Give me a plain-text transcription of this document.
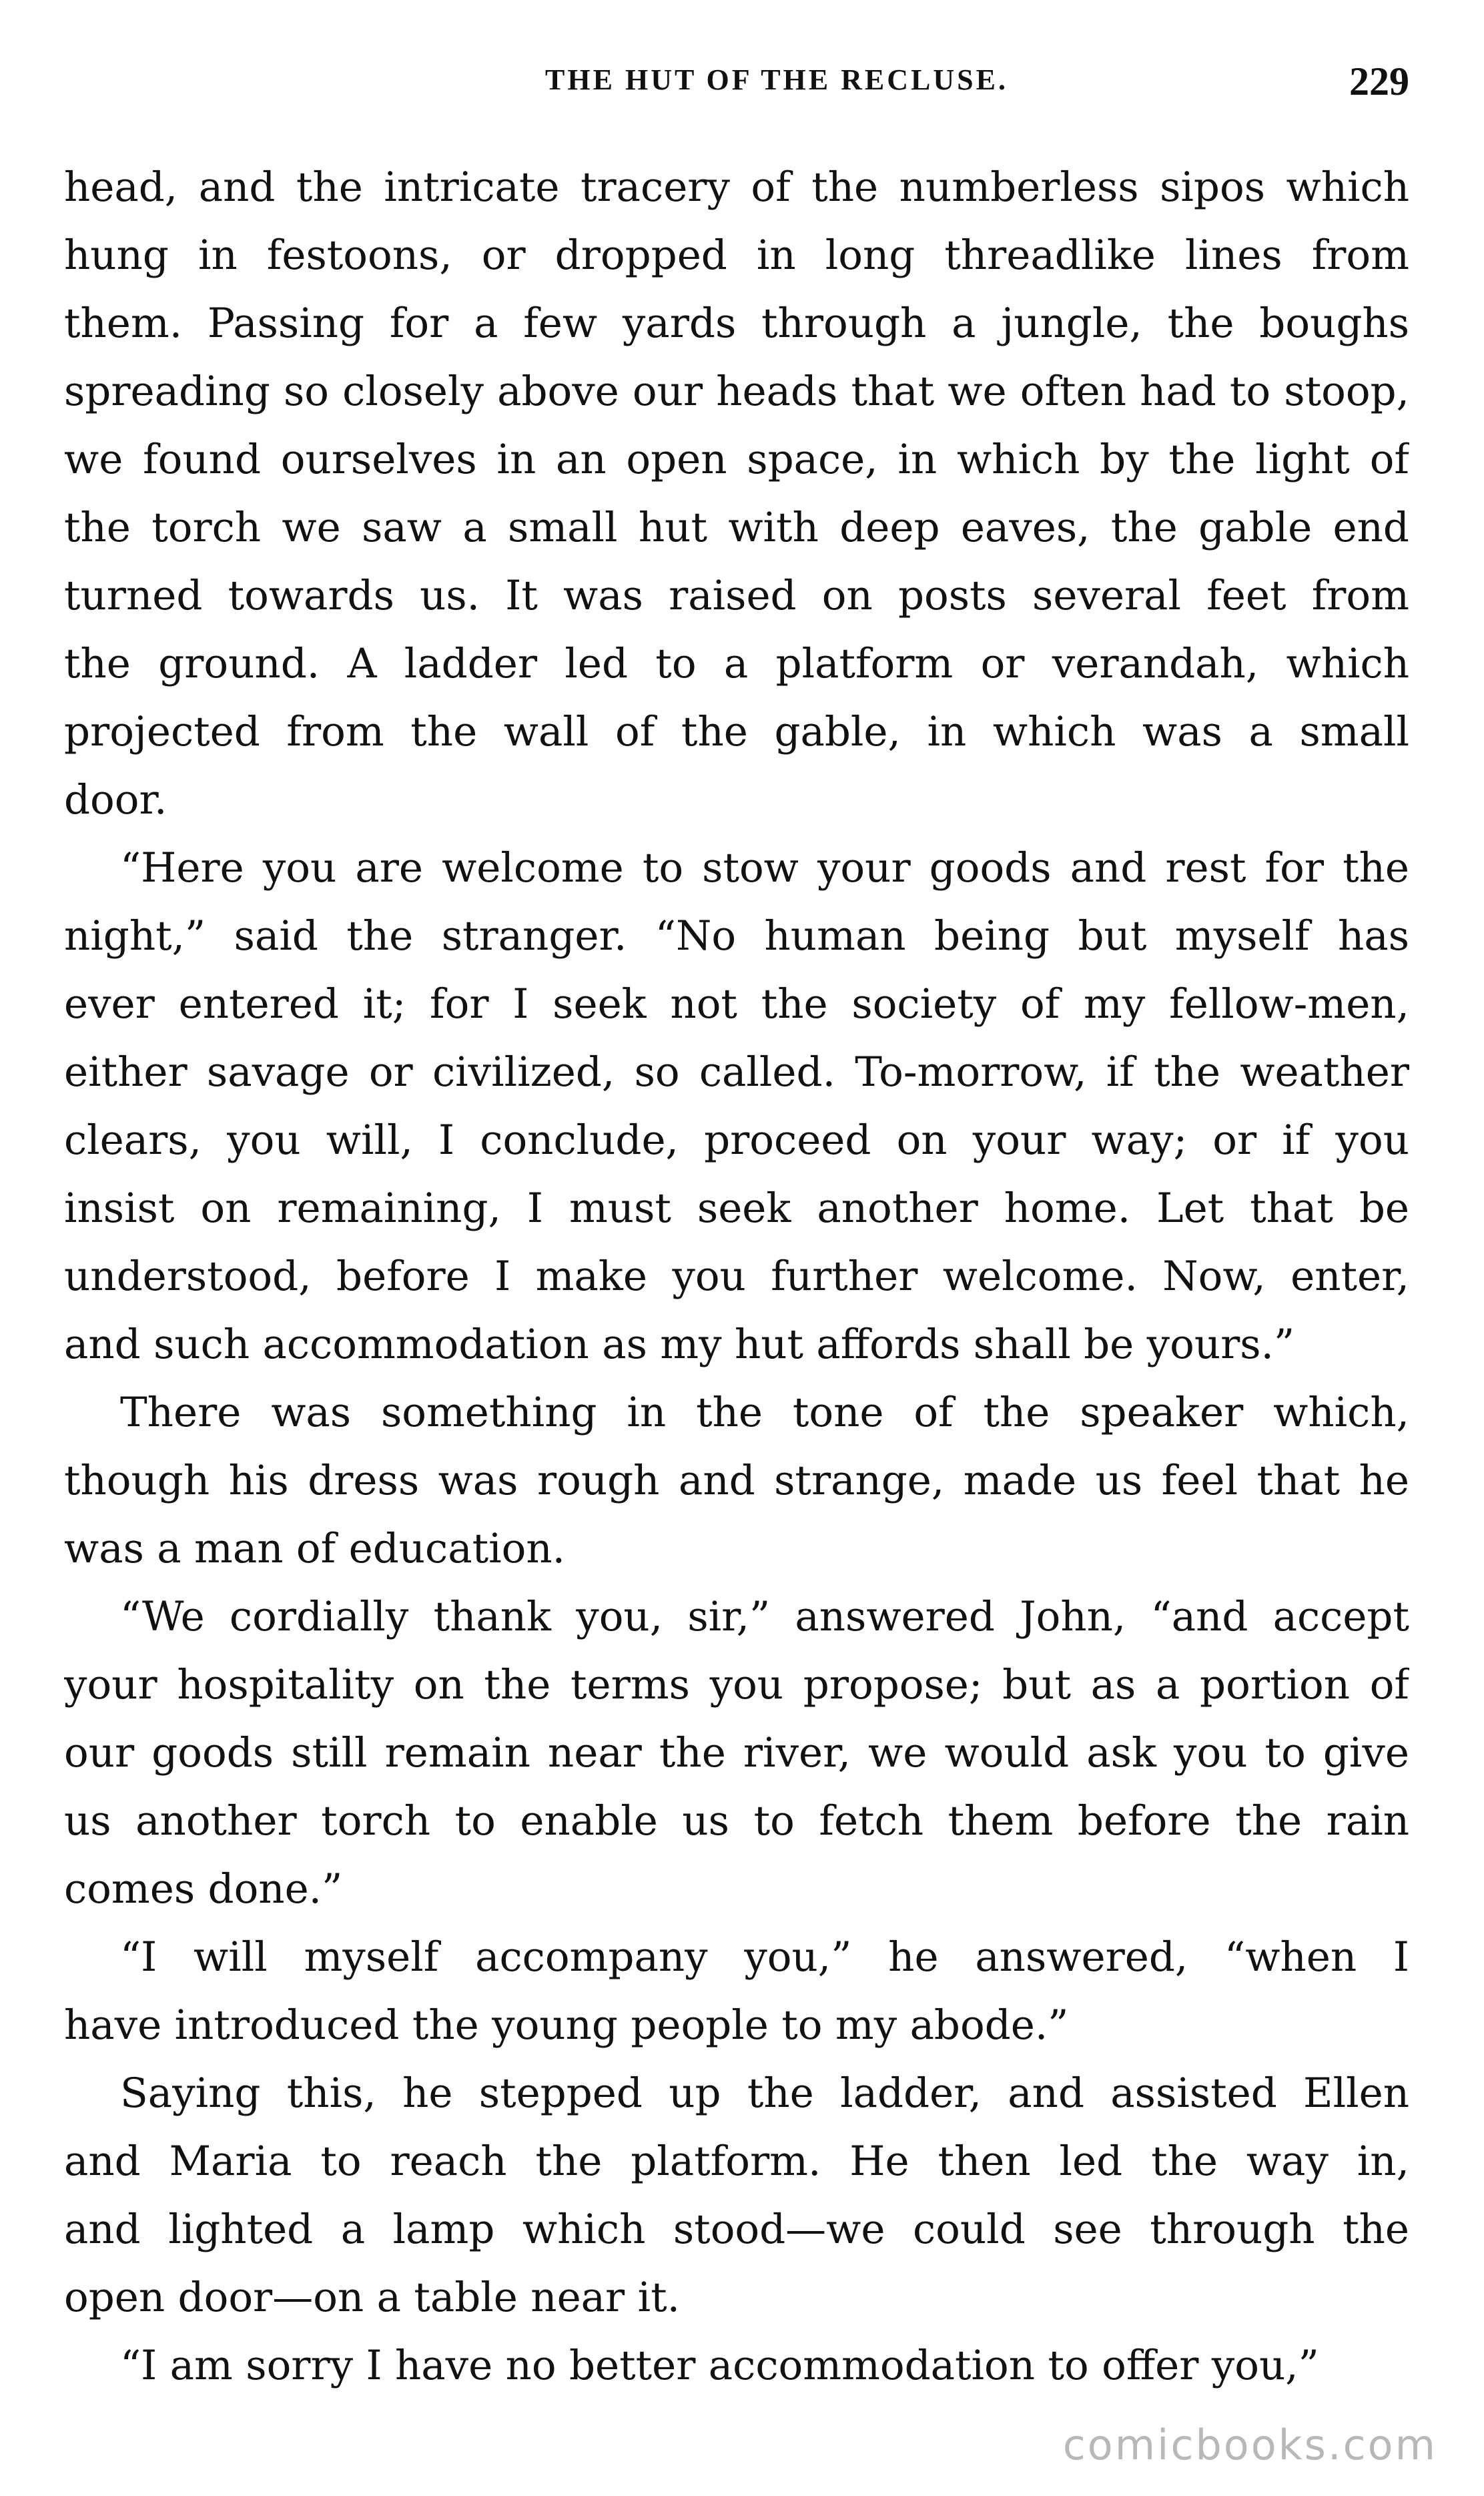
THE HUT OF THE RECLUSE.	229
head, and the intricate tracery of the numberless sipos which
hung in festoons, or dropped in long threadlike lines from
them. Passing for a few yards through a jungle, the boughs
spreading so closely above our heads that we often had to stoop,
we found ourselves in an open space, in which by the light of
the torch we saw a small hut with deep eaves, the gable end
turned towards us. It was raised on posts several feet from
the ground. A ladder led to a platform or verandah, which
projected from the wall of the gable, in which was a small
door.
“Here you are welcome to stow your goods and rest for the
night,” said the stranger. “No human being but myself has
ever entered it; for I seek not the society of my fellow-men,
either savage or civilized, so called. To-morrow, if the weather
clears, you will, I conclude, proceed on your way; or if you
insist on remaining, I must seek another home. Let that be
understood, before I make you further welcome. Now, enter,
and such accommodation as my hut affords shall be yours.”
There was something in the tone of the speaker which,
though his dress was rough and strange, made us feel that he
was a man of education.
“We cordially thank you, sir,” answered John, “and accept
your hospitality on the terms you propose; but as a portion of
our goods still remain near the river, we would ask you to give
us another torch to enable us to fetch them before the rain
comes done.”
“I will myself accompany you,” he answered, “when I
have introduced the young people to my abode.”
Saying this, he stepped up the ladder, and assisted Ellen
and Maria to reach the platform. He then led the way in,
and lighted a lamp which stood—we could see through the
open door—on a table near it.
“I am sorry I have no better accommodation to offer you,”
comicbooks.com
